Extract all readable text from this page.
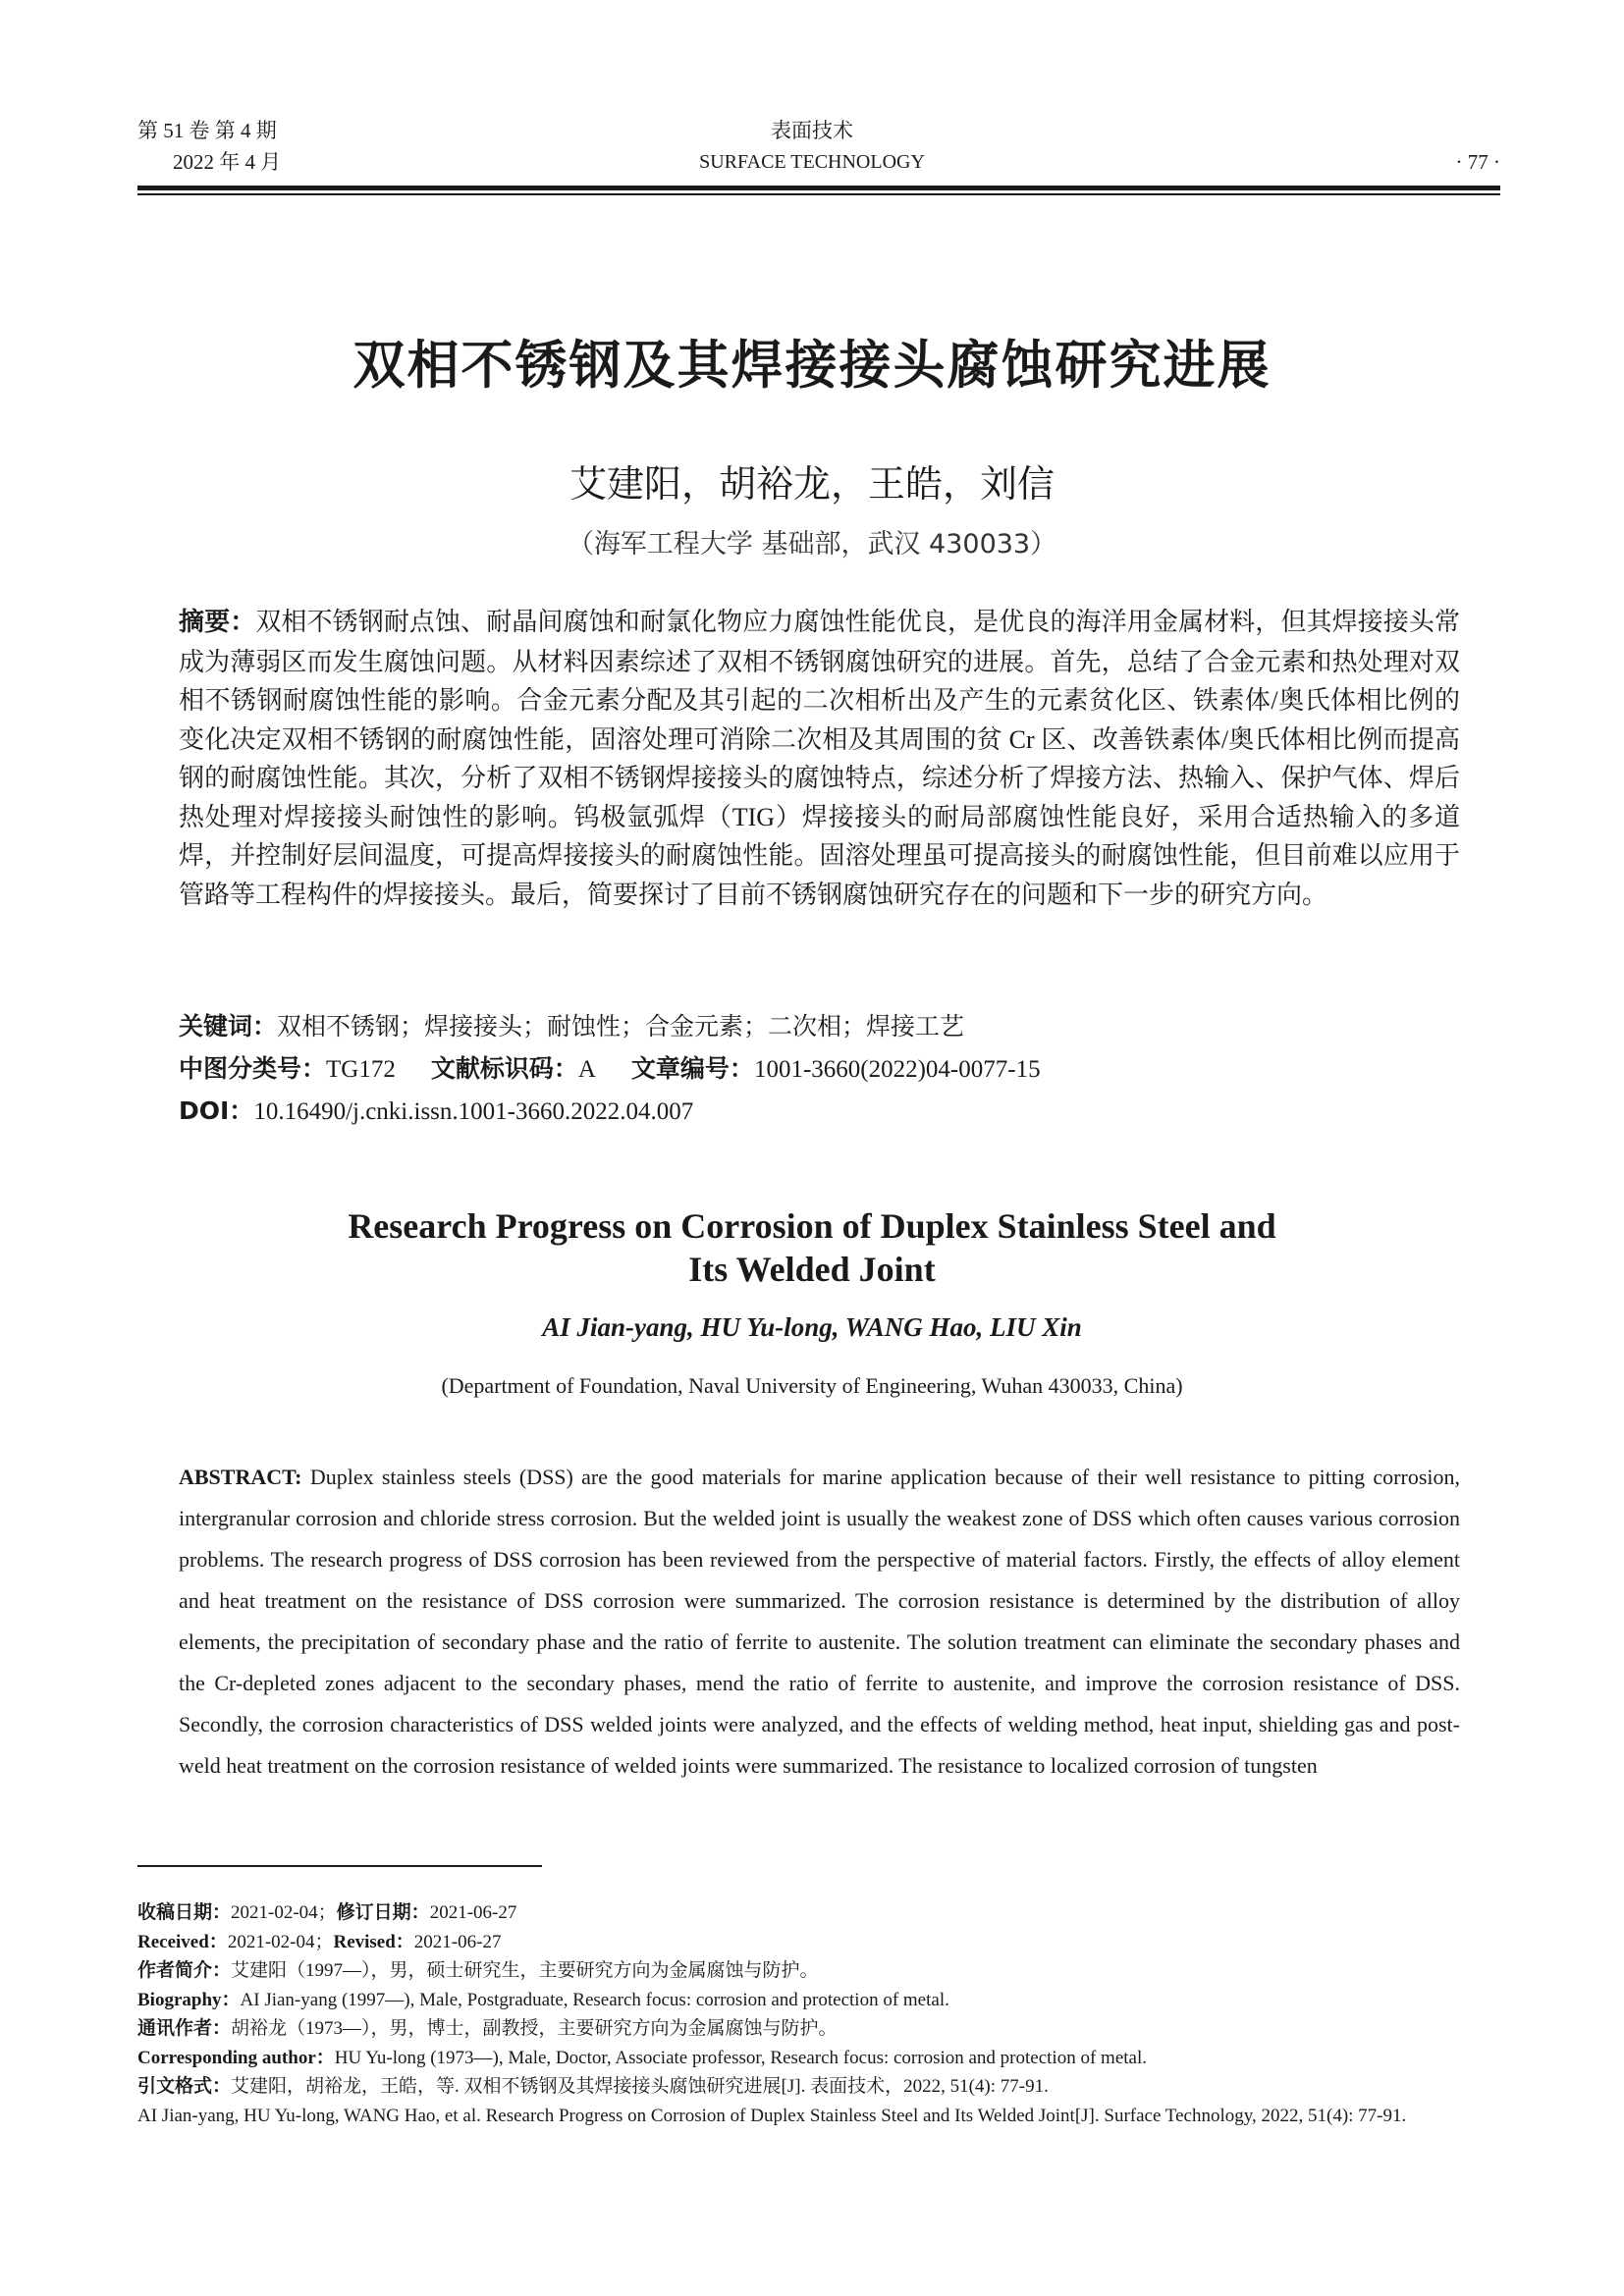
第 51 卷 第 4 期
2022 年 4 月
表面技术
SURFACE TECHNOLOGY	· 77 ·
双相不锈钢及其焊接接头腐蚀研究进展
艾建阳，胡裕龙，王皓，刘信
（海军工程大学 基础部，武汉 430033）
摘要：双相不锈钢耐点蚀、耐晶间腐蚀和耐氯化物应力腐蚀性能优良，是优良的海洋用金属材料，但其焊接接头常成为薄弱区而发生腐蚀问题。从材料因素综述了双相不锈钢腐蚀研究的进展。首先，总结了合金元素和热处理对双相不锈钢耐腐蚀性能的影响。合金元素分配及其引起的二次相析出及产生的元素贫化区、铁素体/奥氏体相比例的变化决定双相不锈钢的耐腐蚀性能，固溶处理可消除二次相及其周围的贫 Cr 区、改善铁素体/奥氏体相比例而提高钢的耐腐蚀性能。其次，分析了双相不锈钢焊接接头的腐蚀特点，综述分析了焊接方法、热输入、保护气体、焊后热处理对焊接接头耐蚀性的影响。钨极氩弧焊（TIG）焊接接头的耐局部腐蚀性能良好，采用合适热输入的多道焊，并控制好层间温度，可提高焊接接头的耐腐蚀性能。固溶处理虽可提高接头的耐腐蚀性能，但目前难以应用于管路等工程构件的焊接接头。最后，简要探讨了目前不锈钢腐蚀研究存在的问题和下一步的研究方向。
关键词：双相不锈钢；焊接接头；耐蚀性；合金元素；二次相；焊接工艺
中图分类号：TG172 文献标识码：A 文章编号：1001-3660(2022)04-0077-15
DOI：10.16490/j.cnki.issn.1001-3660.2022.04.007
Research Progress on Corrosion of Duplex Stainless Steel and
Its Welded Joint
AI Jian-yang, HU Yu-long, WANG Hao, LIU Xin
(Department of Foundation, Naval University of Engineering, Wuhan 430033, China)
ABSTRACT: Duplex stainless steels (DSS) are the good materials for marine application because of their well resistance to pitting corrosion, intergranular corrosion and chloride stress corrosion. But the welded joint is usually the weakest zone of DSS which often causes various corrosion problems. The research progress of DSS corrosion has been reviewed from the perspective of material factors. Firstly, the effects of alloy element and heat treatment on the resistance of DSS corrosion were summarized. The corrosion resistance is determined by the distribution of alloy elements, the precipitation of secondary phase and the ratio of ferrite to austenite. The solution treatment can eliminate the secondary phases and the Cr-depleted zones adjacent to the secondary phases, mend the ratio of ferrite to austenite, and improve the corrosion resistance of DSS. Secondly, the corrosion characteristics of DSS welded joints were analyzed, and the effects of welding method, heat input, shielding gas and post-weld heat treatment on the corrosion resistance of welded joints were summarized. The resistance to localized corrosion of tungsten
收稿日期：2021-02-04；修订日期：2021-06-27
Received：2021-02-04；Revised：2021-06-27
作者简介：艾建阳（1997—），男，硕士研究生，主要研究方向为金属腐蚀与防护。
Biography：AI Jian-yang (1997—), Male, Postgraduate, Research focus: corrosion and protection of metal.
通讯作者：胡裕龙（1973—），男，博士，副教授，主要研究方向为金属腐蚀与防护。
Corresponding author：HU Yu-long (1973—), Male, Doctor, Associate professor, Research focus: corrosion and protection of metal.
引文格式：艾建阳，胡裕龙，王皓，等. 双相不锈钢及其焊接接头腐蚀研究进展[J]. 表面技术，2022, 51(4): 77-91.
AI Jian-yang, HU Yu-long, WANG Hao, et al. Research Progress on Corrosion of Duplex Stainless Steel and Its Welded Joint[J]. Surface Technology, 2022, 51(4): 77-91.
